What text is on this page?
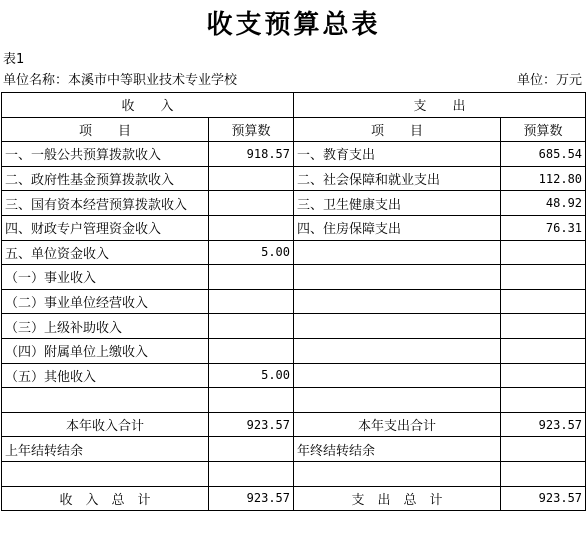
收支预算总表
表1
单位名称：本溪市中等职业技术专业学校	单位：万元
收　　入		支　　出	
项　　目	预算数	项　　目	预算数
一、一般公共预算拨款收入	918.57	一、教育支出	685.54
二、政府性基金预算拨款收入		二、社会保障和就业支出	112.80
三、国有资本经营预算拨款收入		三、卫生健康支出	48.92
四、财政专户管理资金收入		四、住房保障支出	76.31
五、单位资金收入	5.00		
（一）事业收入			
（二）事业单位经营收入			
（三）上级补助收入			
（四）附属单位上缴收入			
（五）其他收入	5.00		

本年收入合计	923.57	本年支出合计	923.57
上年结转结余		年终结转结余	

收　入　总　计	923.57	支　出　总　计	923.57
